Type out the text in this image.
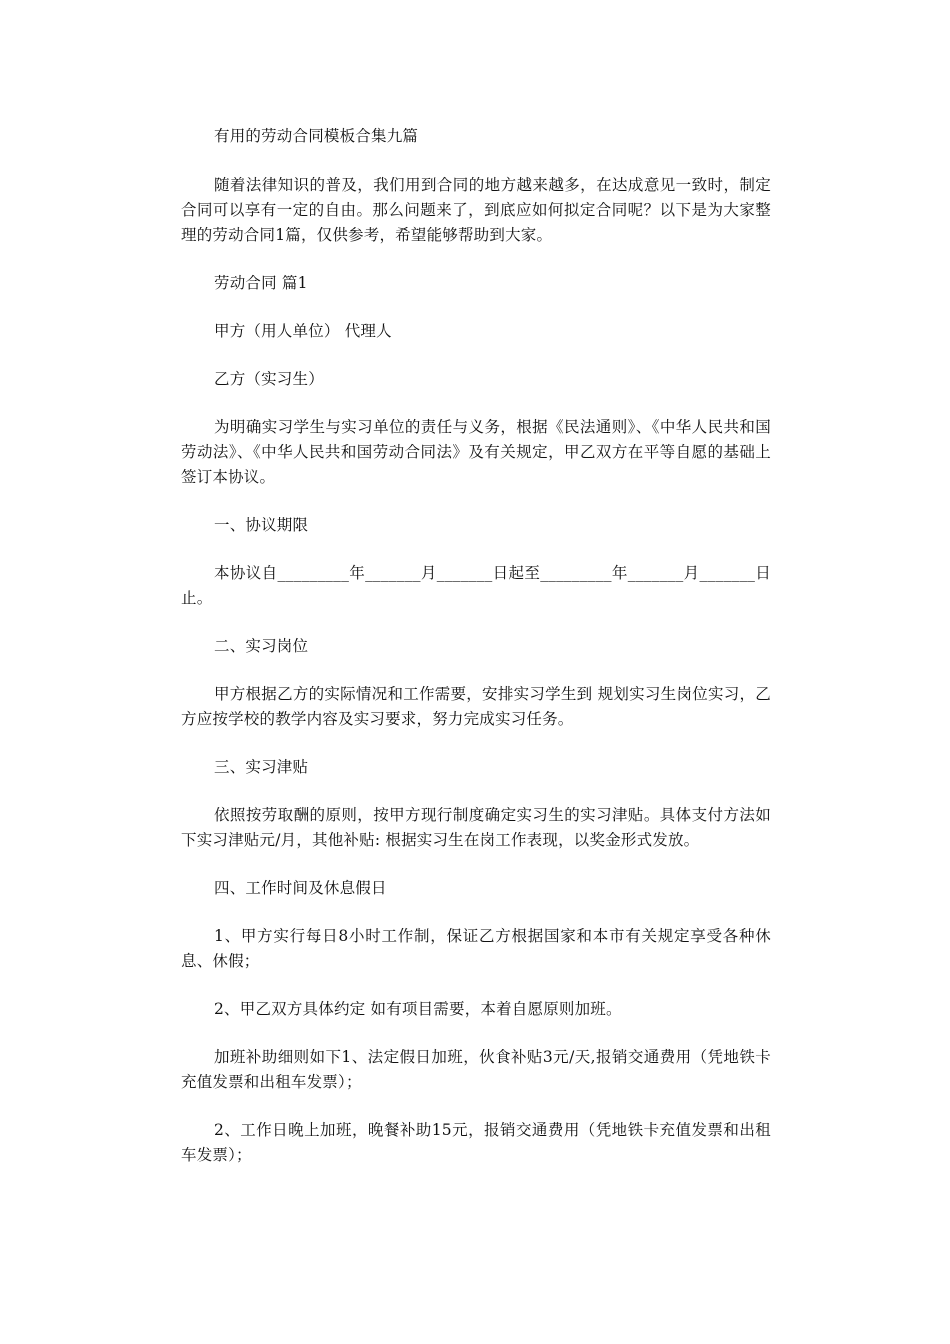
有用的劳动合同模板合集九篇

随着法律知识的普及，我们用到合同的地方越来越多，在达成意见一致时，制定合同可以享有一定的自由。那么问题来了，到底应如何拟定合同呢？以下是为大家整理的劳动合同1篇，仅供参考，希望能够帮助到大家。

劳动合同 篇1

甲方（用人单位） 代理人

乙方（实习生）

为明确实习学生与实习单位的责任与义务，根据《民法通则》、《中华人民共和国劳动法》、《中华人民共和国劳动合同法》及有关规定，甲乙双方在平等自愿的基础上签订本协议。

一、协议期限

本协议自_________年_______月_______日起至_________年_______月_______日止。

二、实习岗位

甲方根据乙方的实际情况和工作需要，安排实习学生到 规划实习生岗位实习，乙方应按学校的教学内容及实习要求，努力完成实习任务。

三、实习津贴

依照按劳取酬的原则，按甲方现行制度确定实习生的实习津贴。具体支付方法如下实习津贴元/月，其他补贴: 根据实习生在岗工作表现，以奖金形式发放。

四、工作时间及休息假日

1、甲方实行每日8小时工作制，保证乙方根据国家和本市有关规定享受各种休息、休假；

2、甲乙双方具体约定 如有项目需要，本着自愿原则加班。

加班补助细则如下1、法定假日加班，伙食补贴3元/天,报销交通费用（凭地铁卡充值发票和出租车发票）；

2、工作日晚上加班，晚餐补助15元，报销交通费用（凭地铁卡充值发票和出租车发票）；
